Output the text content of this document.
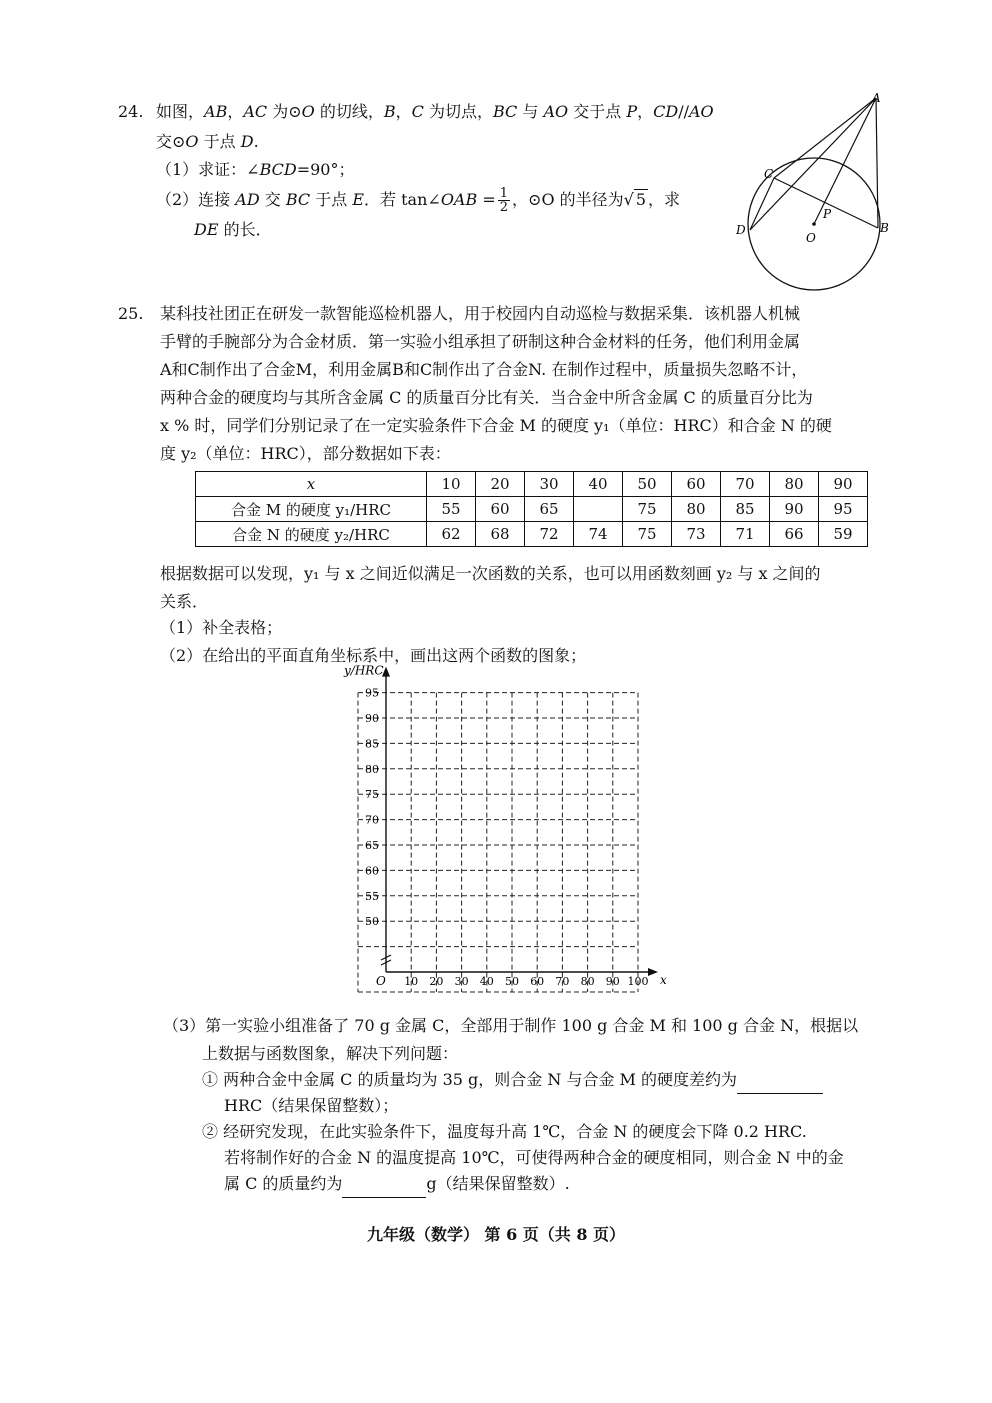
24. 如图，AB，AC 为⊙O 的切线，B，C 为切点，BC 与 AO 交于点 P，CD//AO
交⊙O 于点 D.
（1）求证：∠BCD=90°；
（2）连接 AD 交 BC 于点 E．若 tan∠OAB = $\frac{1}{2}$ ，⊙O 的半径为√ 5 ，求
DE 的长．
A
B
C
D
O
P
25. 某科技社团正在研发一款智能巡检机器人，用于校园内自动巡检与数据采集．该机器人机械
手臂的手腕部分为合金材质．第一实验小组承担了研制这种合金材料的任务，他们利用金属
A和C制作出了合金M，利用金属B和C制作出了合金N. 在制作过程中，质量损失忽略不计，
两种合金的硬度均与其所含金属 C 的质量百分比有关．当合金中所含金属 C 的质量百分比为
x % 时，同学们分别记录了在一定实验条件下合金 M 的硬度 y₁（单位：HRC）和合金 N 的硬
度 y₂（单位：HRC），部分数据如下表：
x	10	20	30	40	50	60	70	80	90
合金 M 的硬度 y₁/HRC	55	60	65		75	80	85	90	95
合金 N 的硬度 y₂/HRC	62	68	72	74	75	73	71	66	59
根据数据可以发现，y₁ 与 x 之间近似满足一次函数的关系，也可以用函数刻画 y₂ 与 x 之间的
关系．
（1）补全表格；
（2）在给出的平面直角坐标系中，画出这两个函数的图象；
95
90
85
80
75
70
65
60
55
50
10 20 30 40 50 60 70 80 90 100
O
y/HRC
x
（3）第一实验小组准备了 70 g 金属 C，全部用于制作 100 g 合金 M 和 100 g 合金 N，根据以
上数据与函数图象，解决下列问题：
① 两种合金中金属 C 的质量均为 35 g，则合金 N 与合金 M 的硬度差约为
HRC（结果保留整数）；
② 经研究发现，在此实验条件下，温度每升高 1℃，合金 N 的硬度会下降 0.2 HRC.
若将制作好的合金 N 的温度提高 10℃，可使得两种合金的硬度相同，则合金 N 中的金
属 C 的质量约为	g（结果保留整数）.
九年级（数学） 第 6 页（共 8 页）
